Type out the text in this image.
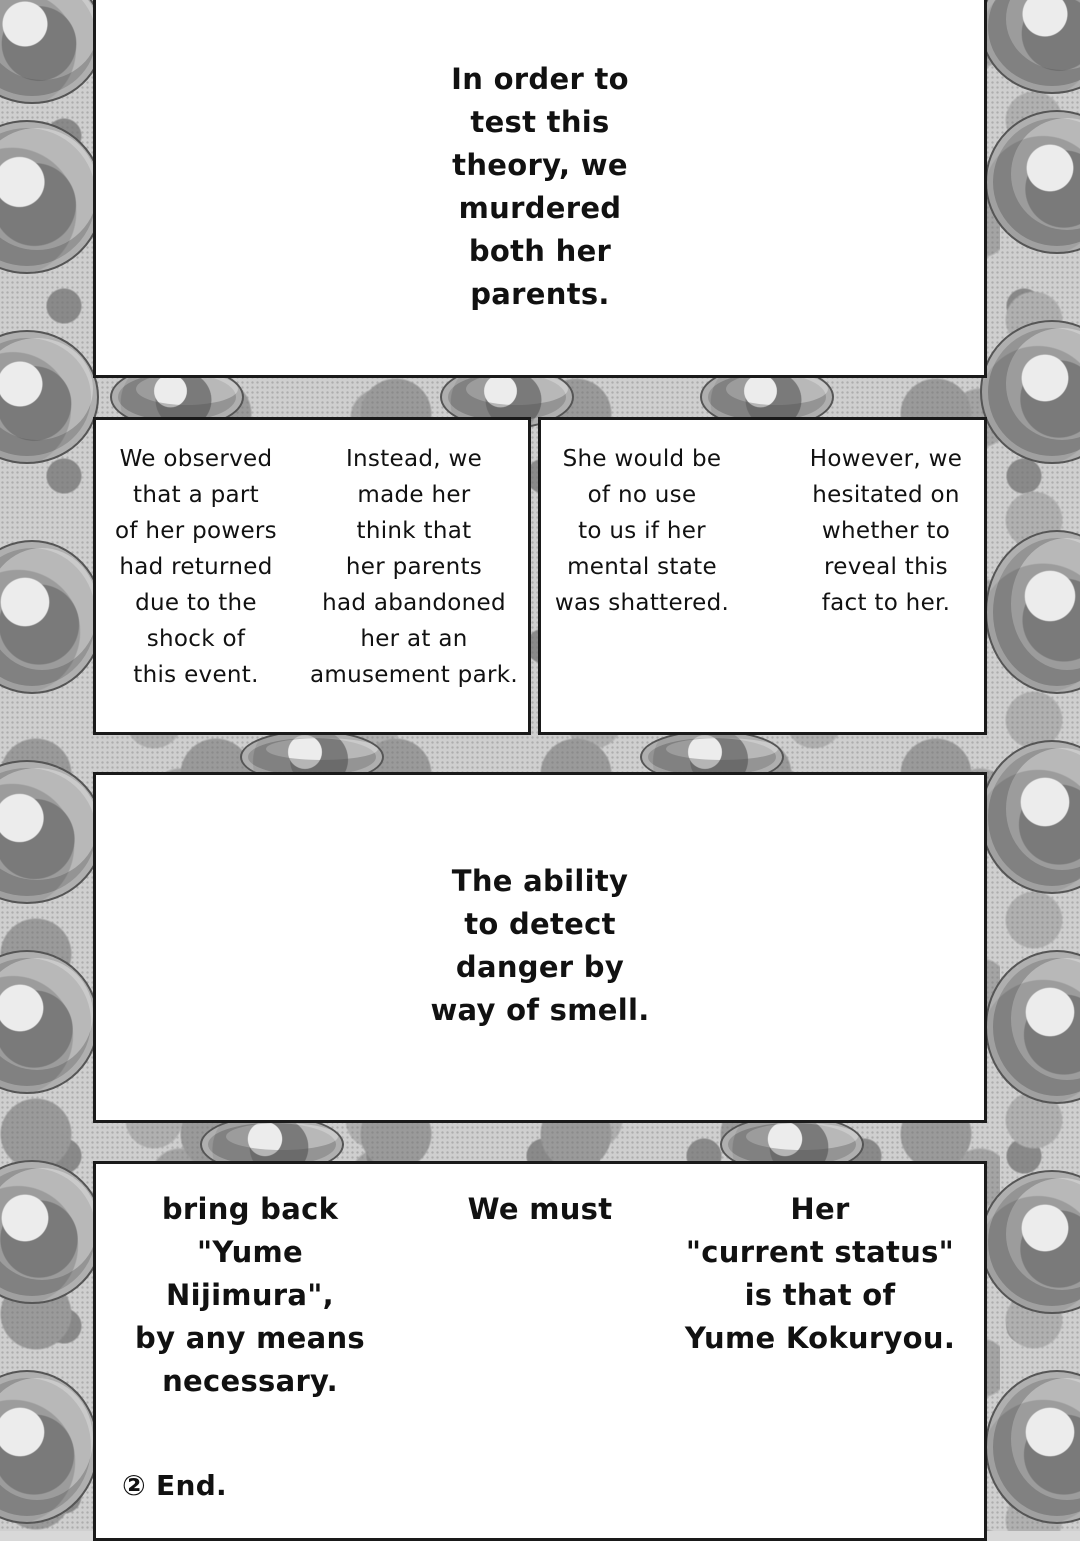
In order to
test this
theory, we
murdered
both her
parents.
We observed
that a part
of her powers
had returned
due to the
shock of
this event.
Instead, we
made her
think that
her parents
had abandoned
her at an
amusement park.
She would be
of no use
to us if her
mental state
was shattered.
However, we
hesitated on
whether to
reveal this
fact to her.
The ability
to detect
danger by
way of smell.
bring back
"Yume Nijimura",
by any means
necessary.
We must	Her
"current status"
is that of
Yume Kokuryou.
② End.
